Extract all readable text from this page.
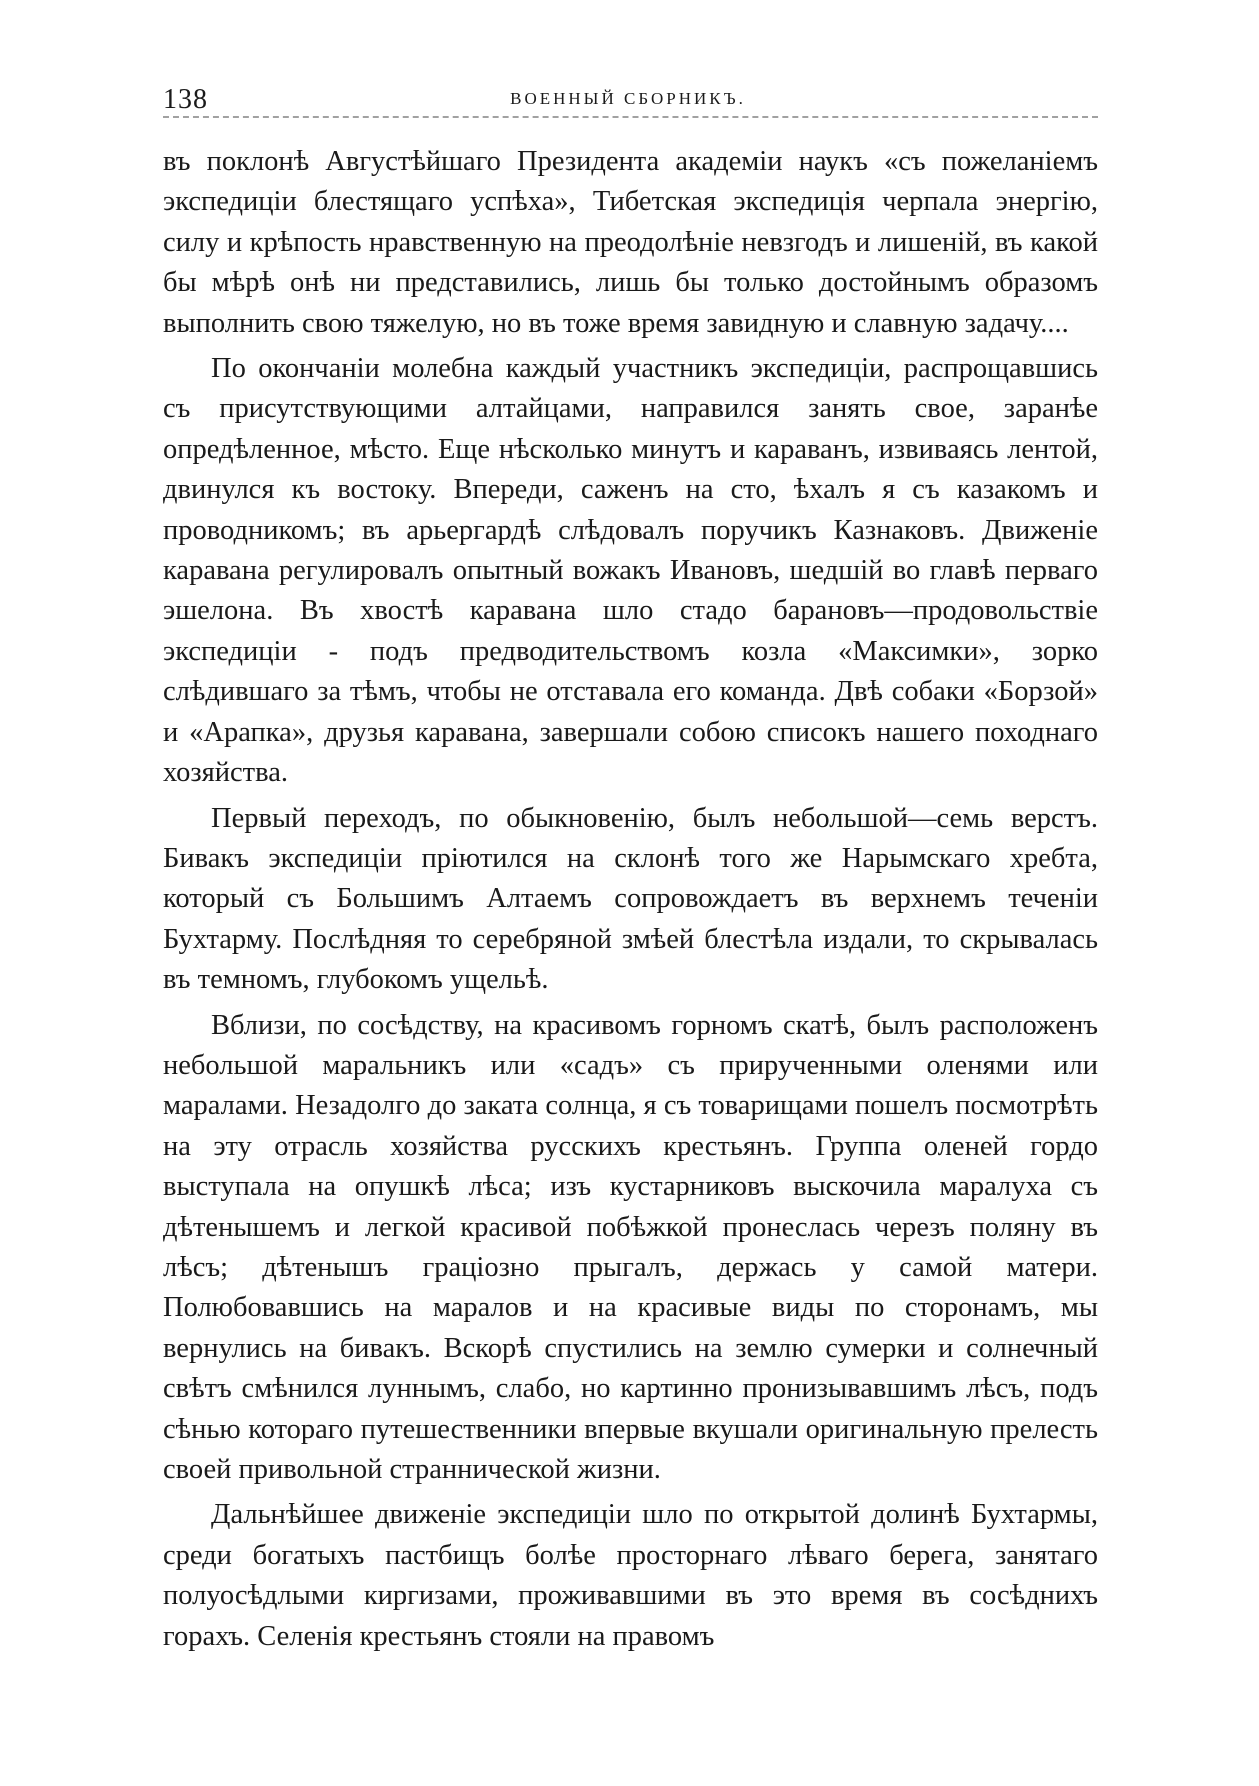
138	ВОЕННЫЙ СБОРНИКЪ.

въ поклонѣ Августѣйшаго Президента академіи наукъ «съ пожеланіемъ экспедиціи блестящаго успѣха», Тибетская экспедиція черпала энергію, силу и крѣпость нравственную на преодолѣніе невзгодъ и лишеній, въ какой бы мѣрѣ онѣ ни представились, лишь бы только достойнымъ образомъ выполнить свою тяжелую, но въ тоже время завидную и славную задачу....

По окончаніи молебна каждый участникъ экспедиціи, распрощавшись съ присутствующими алтайцами, направился занять свое, заранѣе опредѣленное, мѣсто. Еще нѣсколько минутъ и караванъ, извиваясь лентой, двинулся къ востоку. Впереди, саженъ на сто, ѣхалъ я съ казакомъ и проводникомъ; въ арьергардѣ слѣдовалъ поручикъ Казнаковъ. Движеніе каравана регулировалъ опытный вожакъ Ивановъ, шедшій во главѣ перваго эшелона. Въ хвостѣ каравана шло стадо барановъ—продовольствіе экспедиціи - подъ предводительствомъ козла «Максимки», зорко слѣдившаго за тѣмъ, чтобы не отставала его команда. Двѣ собаки «Борзой» и «Арапка», друзья каравана, завершали собою списокъ нашего походнаго хозяйства.

Первый переходъ, по обыкновенію, былъ небольшой—семь верстъ. Бивакъ экспедиціи пріютился на склонѣ того же Нарымскаго хребта, который съ Большимъ Алтаемъ сопровождаетъ въ верхнемъ теченіи Бухтарму. Послѣдняя то серебряной змѣей блестѣла издали, то скрывалась въ темномъ, глубокомъ ущельѣ.

Вблизи, по сосѣдству, на красивомъ горномъ скатѣ, былъ расположенъ небольшой маральникъ или «садъ» съ прирученными оленями или маралами. Незадолго до заката солнца, я съ товарищами пошелъ посмотрѣть на эту отрасль хозяйства русскихъ крестьянъ. Группа оленей гордо выступала на опушкѣ лѣса; изъ кустарниковъ выскочила маралуха съ дѣтенышемъ и легкой красивой побѣжкой пронеслась черезъ поляну въ лѣсъ; дѣтенышъ граціозно прыгалъ, держась у самой матери. Полюбовавшись на маралов и на красивые виды по сторонамъ, мы вернулись на бивакъ. Вскорѣ спустились на землю сумерки и солнечный свѣтъ смѣнился луннымъ, слабо, но картинно пронизывавшимъ лѣсъ, подъ сѣнью котораго путешественники впервые вкушали оригинальную прелесть своей привольной страннической жизни.

Дальнѣйшее движеніе экспедиціи шло по открытой долинѣ Бухтармы, среди богатыхъ пастбищъ болѣе просторнаго лѣваго берега, занятаго полуосѣдлыми киргизами, проживавшими въ это время въ сосѣднихъ горахъ. Селенія крестьянъ стояли на правомъ
